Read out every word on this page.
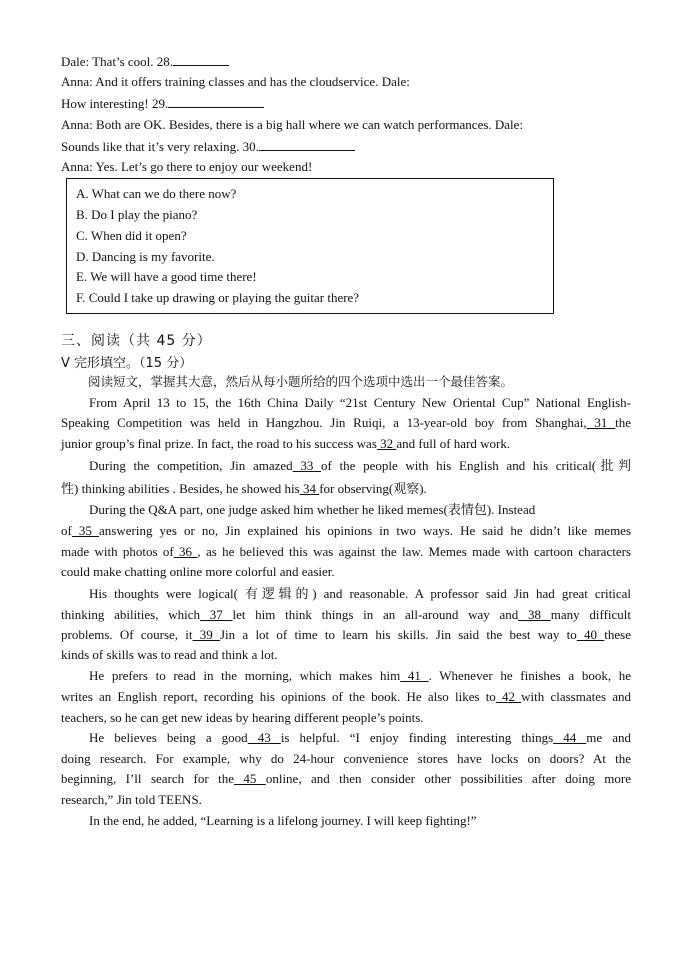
Dale: That’s cool. 28.
Anna: And it offers training classes and has the cloudservice. Dale:
How interesting! 29.
Anna: Both are OK. Besides, there is a big hall where we can watch performances. Dale:
Sounds like that it’s very relaxing. 30.
Anna: Yes. Let’s go there to enjoy our weekend!
A. What can we do there now?
B. Do I play the piano?
C. When did it open?
D. Dancing is my favorite.
E. We will have a good time there!
F. Could I take up drawing or playing the guitar there?
三、阅读（共 45 分）
V 完形填空。（15 分）
阅读短文，掌握其大意，然后从每小题所给的四个选项中选出一个最佳答案。
From April 13 to 15, the 16th China Daily “21st Century New Oriental Cup” National English-
Speaking Competition was held in Hangzhou. Jin Ruiqi, a 13-year-old boy from Shanghai, 31 the
junior group’s final prize. In fact, the road to his success was 32 and full of hard work.
During the competition, Jin amazed 33 of the people with his English and his critical(批判
性) thinking abilities . Besides, he showed his 34 for observing(观察).
During the Q&A part, one judge asked him whether he liked memes(表情包). Instead
of 35 answering yes or no, Jin explained his opinions in two ways. He said he didn’t like memes
made with photos of 36 , as he believed this was against the law. Memes made with cartoon characters
could make chatting online more colorful and easier.
His thoughts were logical( 有逻辑的) and reasonable. A professor said Jin had great critical
thinking abilities, which 37 let him think things in an all-around way and 38 many difficult
problems. Of course, it 39 Jin a lot of time to learn his skills. Jin said the best way to 40 these
kinds of skills was to read and think a lot.
He prefers to read in the morning, which makes him 41 . Whenever he finishes a book, he
writes an English report, recording his opinions of the book. He also likes to 42 with classmates and
teachers, so he can get new ideas by hearing different people’s points.
He believes being a good 43 is helpful. “I enjoy finding interesting things 44 me and
doing research. For example, why do 24-hour convenience stores have locks on doors? At the
beginning, I’ll search for the 45 online, and then consider other possibilities after doing more
research,” Jin told TEENS.
In the end, he added, “Learning is a lifelong journey. I will keep fighting!”
